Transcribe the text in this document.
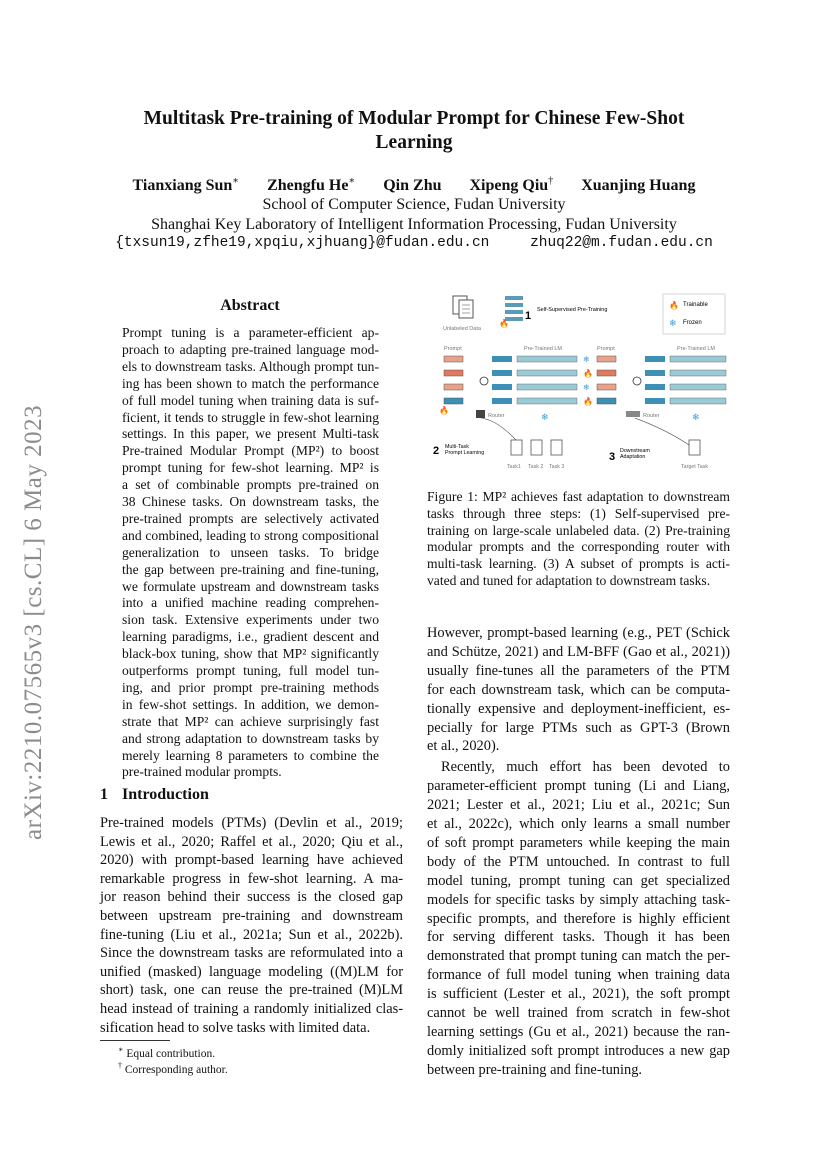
arXiv:2210.07565v3 [cs.CL] 6 May 2023
Multitask Pre-training of Modular Prompt for Chinese Few-Shot
Learning
Tianxiang Sun∗ Zhengfu He∗ Qin Zhu Xipeng Qiu† Xuanjing Huang
School of Computer Science, Fudan University
Shanghai Key Laboratory of Intelligent Information Processing, Fudan University
{txsun19,zfhe19,xpqiu,xjhuang}@fudan.edu.cn	zhuq22@m.fudan.edu.cn
Abstract
Prompt tuning is a parameter-efficient ap-
proach to adapting pre-trained language mod-
els to downstream tasks. Although prompt tun-
ing has been shown to match the performance
of full model tuning when training data is suf-
ficient, it tends to struggle in few-shot learning
settings. In this paper, we present Multi-task
Pre-trained Modular Prompt (MP²) to boost
prompt tuning for few-shot learning. MP² is
a set of combinable prompts pre-trained on
38 Chinese tasks. On downstream tasks, the
pre-trained prompts are selectively activated
and combined, leading to strong compositional
generalization to unseen tasks. To bridge
the gap between pre-training and fine-tuning,
we formulate upstream and downstream tasks
into a unified machine reading comprehen-
sion task. Extensive experiments under two
learning paradigms, i.e., gradient descent and
black-box tuning, show that MP² significantly
outperforms prompt tuning, full model tun-
ing, and prior prompt pre-training methods
in few-shot settings. In addition, we demon-
strate that MP² can achieve surprisingly fast
and strong adaptation to downstream tasks by
merely learning 8 parameters to combine the
pre-trained modular prompts.
1 Introduction
Pre-trained models (PTMs) (Devlin et al., 2019;
Lewis et al., 2020; Raffel et al., 2020; Qiu et al.,
2020) with prompt-based learning have achieved
remarkable progress in few-shot learning. A ma-
jor reason behind their success is the closed gap
between upstream pre-training and downstream
fine-tuning (Liu et al., 2021a; Sun et al., 2022b).
Since the downstream tasks are reformulated into a
unified (masked) language modeling ((M)LM for
short) task, one can reuse the pre-trained (M)LM
head instead of training a randomly initialized clas-
sification head to solve tasks with limited data.
∗ Equal contribution.
† Corresponding author.
Unlabeled Data
1 Self-Supervised Pre-Training
🔥
🔥 Trainable
❄ Frozen
Prompt	Pre-Trained LM
❄
🔥
Router
2 Multi-Task Prompt Learning
Task1 Task 2 Task 3
Prompt	Pre-Trained LM
❄
🔥
❄
🔥
❄
Router
3 Downstream Adaptation
Target Task
Figure 1: MP² achieves fast adaptation to downstream
tasks through three steps: (1) Self-supervised pre-
training on large-scale unlabeled data. (2) Pre-training
modular prompts and the corresponding router with
multi-task learning. (3) A subset of prompts is acti-
vated and tuned for adaptation to downstream tasks.
However, prompt-based learning (e.g., PET (Schick
and Schütze, 2021) and LM-BFF (Gao et al., 2021))
usually fine-tunes all the parameters of the PTM
for each downstream task, which can be computa-
tionally expensive and deployment-inefficient, es-
pecially for large PTMs such as GPT-3 (Brown
et al., 2020).
Recently, much effort has been devoted to
parameter-efficient prompt tuning (Li and Liang,
2021; Lester et al., 2021; Liu et al., 2021c; Sun
et al., 2022c), which only learns a small number
of soft prompt parameters while keeping the main
body of the PTM untouched. In contrast to full
model tuning, prompt tuning can get specialized
models for specific tasks by simply attaching task-
specific prompts, and therefore is highly efficient
for serving different tasks. Though it has been
demonstrated that prompt tuning can match the per-
formance of full model tuning when training data
is sufficient (Lester et al., 2021), the soft prompt
cannot be well trained from scratch in few-shot
learning settings (Gu et al., 2021) because the ran-
domly initialized soft prompt introduces a new gap
between pre-training and fine-tuning.
